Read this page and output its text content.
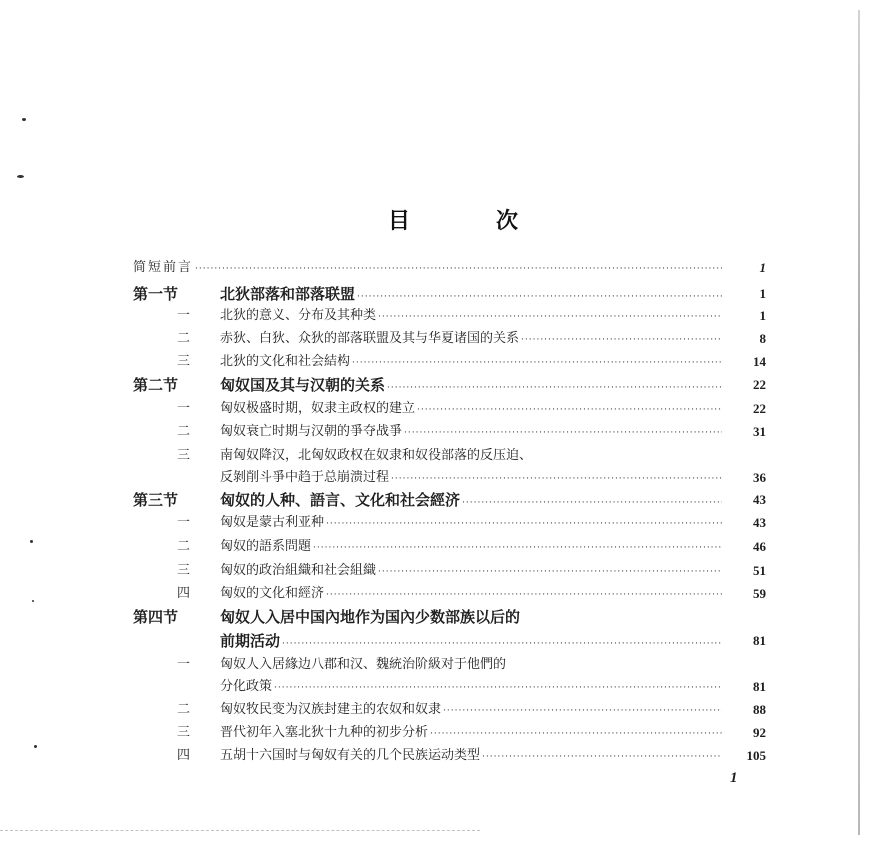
目	次
简短前言 ·····	1
第一节	北狄部落和部落联盟 ·····	1
一 北狄的意义、分布及其种类 ·····	1
二 赤狄、白狄、众狄的部落联盟及其与华夏诸国的关系 ·····	8
三 北狄的文化和社会結构 ·····	14
第二节	匈奴国及其与汉朝的关系 ·····	22
一 匈奴极盛时期，奴隶主政权的建立 ·····	22
二 匈奴衰亡时期与汉朝的爭夺战爭 ·····	31
三 南匈奴降汉，北匈奴政权在奴隶和奴役部落的反压迫、
反剝削斗爭中趋于总崩溃过程 ·····	36
第三节	匈奴的人种、語言、文化和社会經济 ·····	43
一 匈奴是蒙古利亚种 ·····	43
二 匈奴的語系問題 ·····	46
三 匈奴的政治組織和社会組織 ·····	51
四 匈奴的文化和經济 ·····	59
第四节	匈奴人入居中国內地作为国內少数部族以后的
前期活动 ·····	81
一 匈奴人入居緣边八郡和汉、魏統治阶級对于他們的
分化政策 ·····	81
二 匈奴牧民变为汉族封建主的农奴和奴隶 ·····	88
三 晋代初年入塞北狄十九种的初步分析 ·····	92
四 五胡十六国时与匈奴有关的几个民族运动类型 ·····	105
1
